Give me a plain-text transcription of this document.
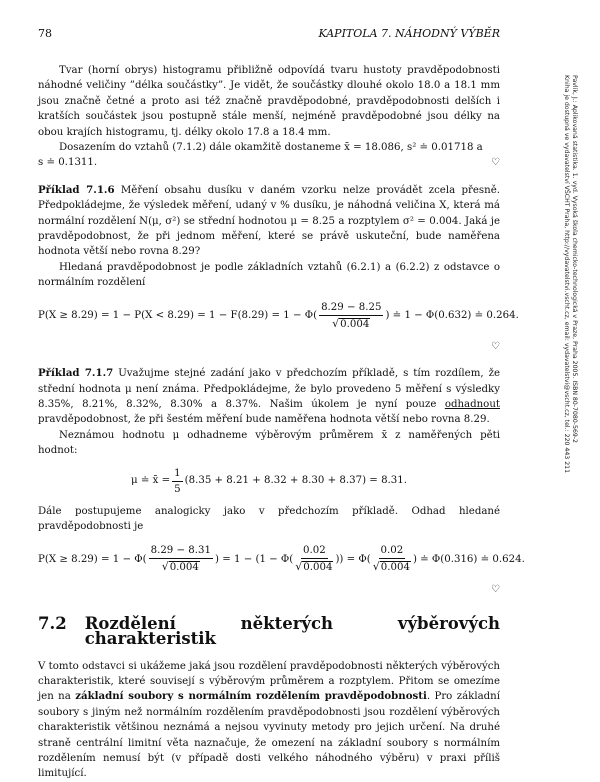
78	KAPITOLA 7. NÁHODNÝ VÝBĚR

Tvar (horní obrys) histogramu přibližně odpovídá tvaru hustoty pravděpodobnosti náhodné veličiny ”délka součástky”. Je vidět, že součástky dlouhé okolo 18.0 a 18.1 mm jsou značně četné a proto asi též značně pravděpodobné, pravděpodobnosti delších i kratších součástek jsou postupně stále menší, nejméně pravděpodobné jsou délky na obou krajích histogramu, tj. délky okolo 17.8 a 18.4 mm.

Dosazením do vztahů (7.1.2) dále okamžitě dostaneme x̄ = 18.086, s² ≐ 0.01718 a

s ≐ 0.1311.	♡

Příklad 7.1.6 Měření obsahu dusíku v daném vzorku nelze provádět zcela přesně. Předpokládejme, že výsledek měření, udaný v % dusíku, je náhodná veličina X, která má normální rozdělení N(μ, σ²) se střední hodnotou μ = 8.25 a rozptylem σ² = 0.004. Jaká je pravděpodobnost, že při jednom měření, které se právě uskuteční, bude naměřena hodnota větší nebo rovna 8.29?

Hledaná pravděpodobnost je podle základních vztahů (6.2.1) a (6.2.2) z odstavce o normálním rozdělení

$P(X \ge 8.29) = 1 - P(X < 8.29) = 1 - F(8.29) = 1 - \Phi( \frac{8.29 - 8.25}{√0.004}$ ) ≐ 1 − Φ(0.632) ≐ 0.264.
♡

Příklad 7.1.7 Uvažujme stejné zadání jako v předchozím příkladě, s tím rozdílem, že střední hodnota μ není známa. Předpokládejme, že bylo provedeno 5 měření s výsledky 8.35%, 8.21%, 8.32%, 8.30% a 8.37%. Našim úkolem je nyní pouze odhadnout pravděpodobnost, že při šestém měření bude naměřena hodnota větší nebo rovna 8.29.

Neznámou hodnotu μ odhadneme výběrovým průměrem x̄ z naměřených pěti hodnot:

μ ≐ x̄ = $\frac{1}{5} (8.35 + 8.21 + 8.32 + 8.30 + 8.37) = 8.31$.

Dále postupujeme analogicky jako v předchozím příkladě. Odhad hledané pravděpodobnosti je

$P(X \ge 8.29) = 1 - \Phi( \frac{8.29 - 8.31}{√0.004}$ ) = $1 - (1 - \Phi( \frac{0.02}{√0.004}$ )) = $\Phi( \frac{0.02}{√0.004}$ ) ≐ Φ(0.316) ≐ 0.624.
♡
7.2 Rozdělení některých výběrových charakteristik

V tomto odstavci si ukážeme jaká jsou rozdělení pravděpodobnosti některých výběrových charakteristik, které souvisejí s výběrovým průměrem a rozptylem. Přitom se omezíme jen na základní soubory s normálním rozdělením pravděpodobnosti. Pro základní soubory s jiným než normálním rozdělením pravděpodobnosti jsou rozdělení výběrových charakteristik většinou neznámá a nejsou vyvinuty metody pro jejich určení. Na druhé straně centrální limitní věta naznačuje, že omezení na základní soubory s normálním rozdělením nemusí být (v případě dosti velkého náhodného výběru) v praxi příliš limitující.

Pavlík, J.: Aplikovaná statistika. 1. vyd. Vysoká škola chemicko-technologická v Praze, Praha 2005. ISBN 80-7080-569-2
Kniha je dostupná ve vydavatelství VŠCHT Praha, http://vydavatelstvi.vscht.cz, email: vydavatelstvi@vscht.cz, tel.: 220 443 211
